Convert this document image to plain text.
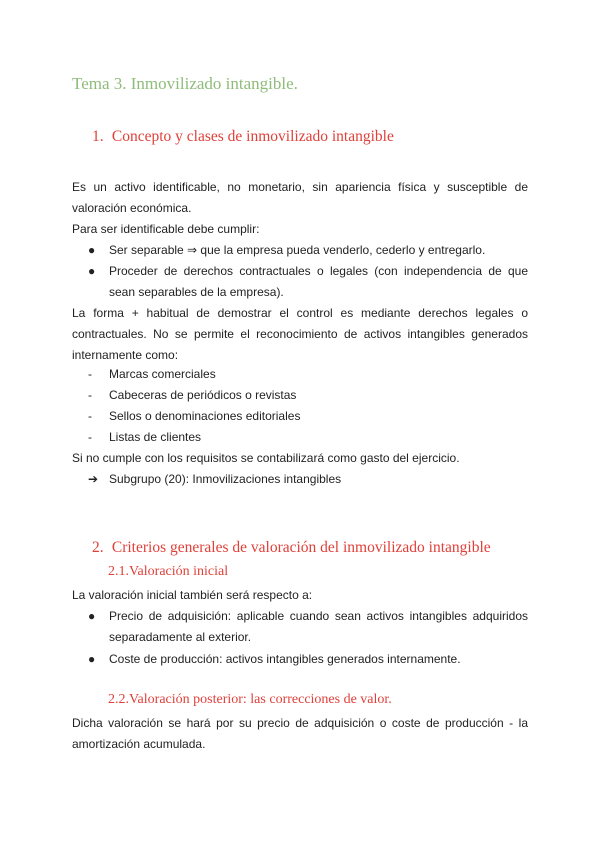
Tema 3. Inmovilizado intangible.
1. Concepto y clases de inmovilizado intangible
Es un activo identificable, no monetario, sin apariencia física y susceptible de valoración económica.
Para ser identificable debe cumplir:
●	Ser separable ⇒ que la empresa pueda venderlo, cederlo y entregarlo.
●	Proceder de derechos contractuales o legales (con independencia de que sean separables de la empresa).
La forma + habitual de demostrar el control es mediante derechos legales o contractuales. No se permite el reconocimiento de activos intangibles generados internamente como:
-	Marcas comerciales
-	Cabeceras de periódicos o revistas
-	Sellos o denominaciones editoriales
-	Listas de clientes
Si no cumple con los requisitos se contabilizará como gasto del ejercicio.
➔ Subgrupo (20): Inmovilizaciones intangibles
2. Criterios generales de valoración del inmovilizado intangible
2.1.Valoración inicial
La valoración inicial también será respecto a:
●	Precio de adquisición: aplicable cuando sean activos intangibles adquiridos separadamente al exterior.
●	Coste de producción: activos intangibles generados internamente.
2.2.Valoración posterior: las correcciones de valor.
Dicha valoración se hará por su precio de adquisición o coste de producción - la amortización acumulada.
